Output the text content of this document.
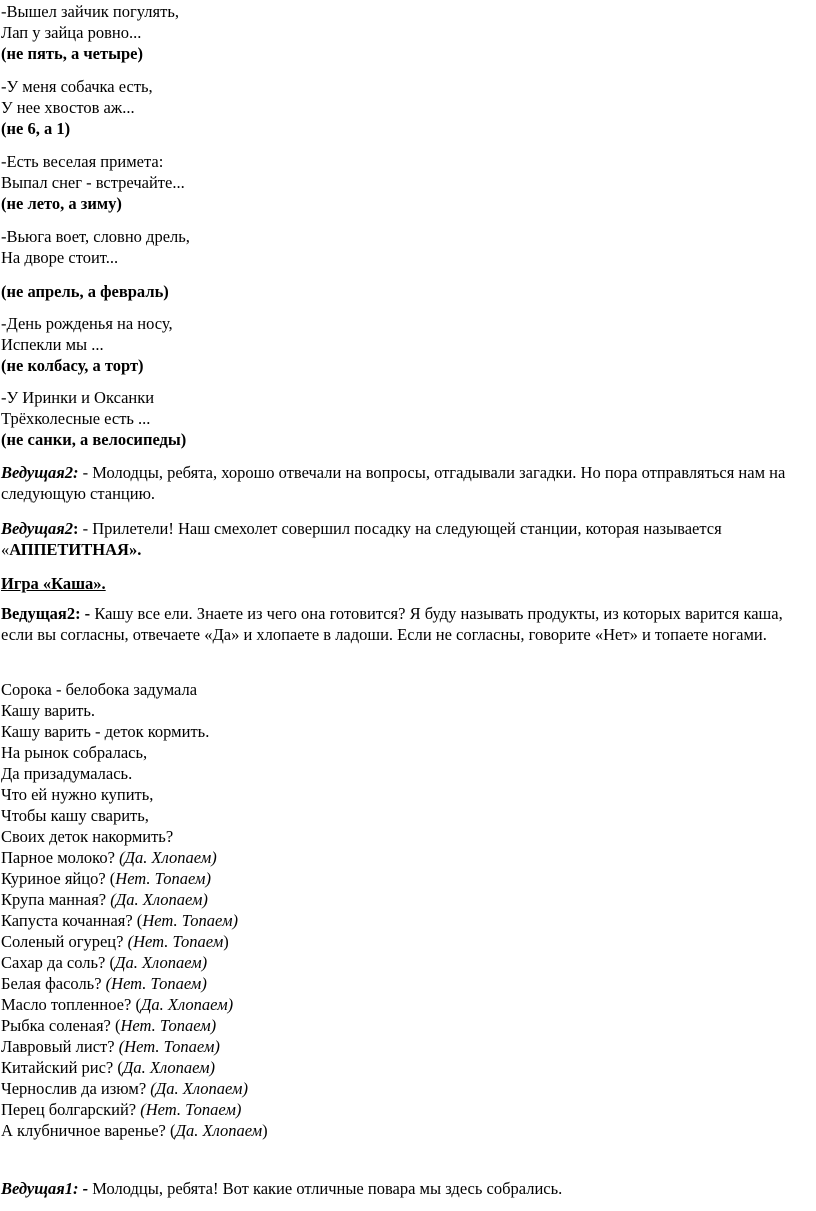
-Вышел зайчик погулять,
Лап у зайца ровно...
(не пять, а четыре)
-У меня собачка есть,
У нее хвостов аж...
(не 6, а 1)
-Есть веселая примета:
Выпал снег - встречайте...
(не лето, а зиму)
-Вьюга воет, словно дрель,
На дворе стоит...
(не апрель, а февраль)
-День рожденья на носу,
Испекли мы ...
(не колбасу, а торт)
-У Иринки и Оксанки
Трёхколесные есть ...
(не санки, а велосипеды)
Ведущая2: - Молодцы, ребята, хорошо отвечали на вопросы, отгадывали загадки. Но пора отправляться нам на следующую станцию.
Ведущая2: - Прилетели! Наш смехолет совершил посадку на следующей станции, которая называется «АППЕТИТНАЯ».
Игра «Каша».
Ведущая2: - Кашу все ели. Знаете из чего она готовится? Я буду называть продукты, из которых варится каша, если вы согласны, отвечаете «Да» и хлопаете в ладоши. Если не согласны, говорите «Нет» и топаете ногами.
Сорока - белобока задумала
Кашу варить.
Кашу варить - деток кормить.
На рынок собралась,
Да призадумалась.
Что ей нужно купить,
Чтобы кашу сварить,
Своих деток накормить?
Парное молоко? (Да. Хлопаем)
Куриное яйцо? (Нет. Топаем)
Крупа манная? (Да. Хлопаем)
Капуста кочанная? (Нет. Топаем)
Соленый огурец? (Нет. Топаем)
Сахар да соль? (Да. Хлопаем)
Белая фасоль? (Нет. Топаем)
Масло топленное? (Да. Хлопаем)
Рыбка соленая? (Нет. Топаем)
Лавровый лист? (Нет. Топаем)
Китайский рис? (Да. Хлопаем)
Чернослив да изюм? (Да. Хлопаем)
Перец болгарский? (Нет. Топаем)
А клубничное варенье? (Да. Хлопаем)
Ведущая1: - Молодцы, ребята! Вот какие отличные повара мы здесь собрались.
